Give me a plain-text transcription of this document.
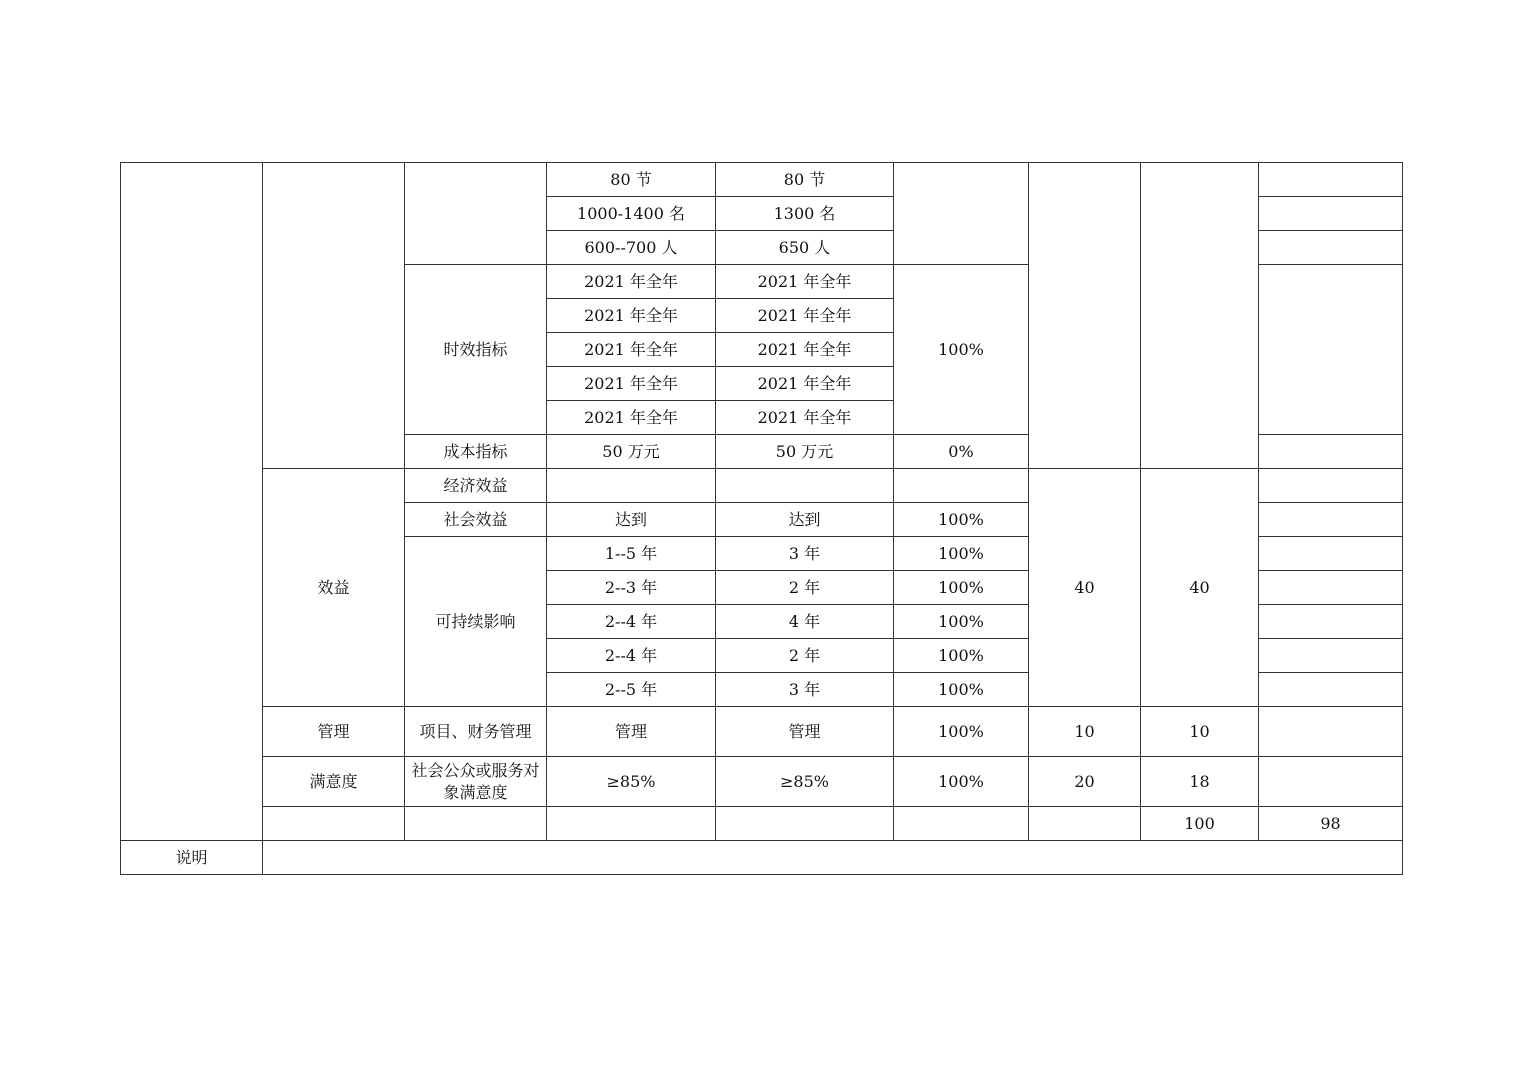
			80 节	80 节					
			1000-1400 名	1300 名					
			600--700 人	650 人					
		时效指标	2021 年全年	2021 年全年	100%				
			2021 年全年	2021 年全年					
			2021 年全年	2021 年全年					
			2021 年全年	2021 年全年					
			2021 年全年	2021 年全年					
		成本指标	50 万元	50 万元	0%				
	效益	经济效益				40	40		
		社会效益	达到	达到	100%				
		可持续影响	1--5 年	3 年	100%				
			2--3 年	2 年	100%				
			2--4 年	4 年	100%				
			2--4 年	2 年	100%				
			2--5 年	3 年	100%				
	管理	项目、财务管理	管理	管理	100%	10	10		
	满意度	社会公众或服务对象满意度	≥85%	≥85%	100%	20	18		
							100	98	
说明									
